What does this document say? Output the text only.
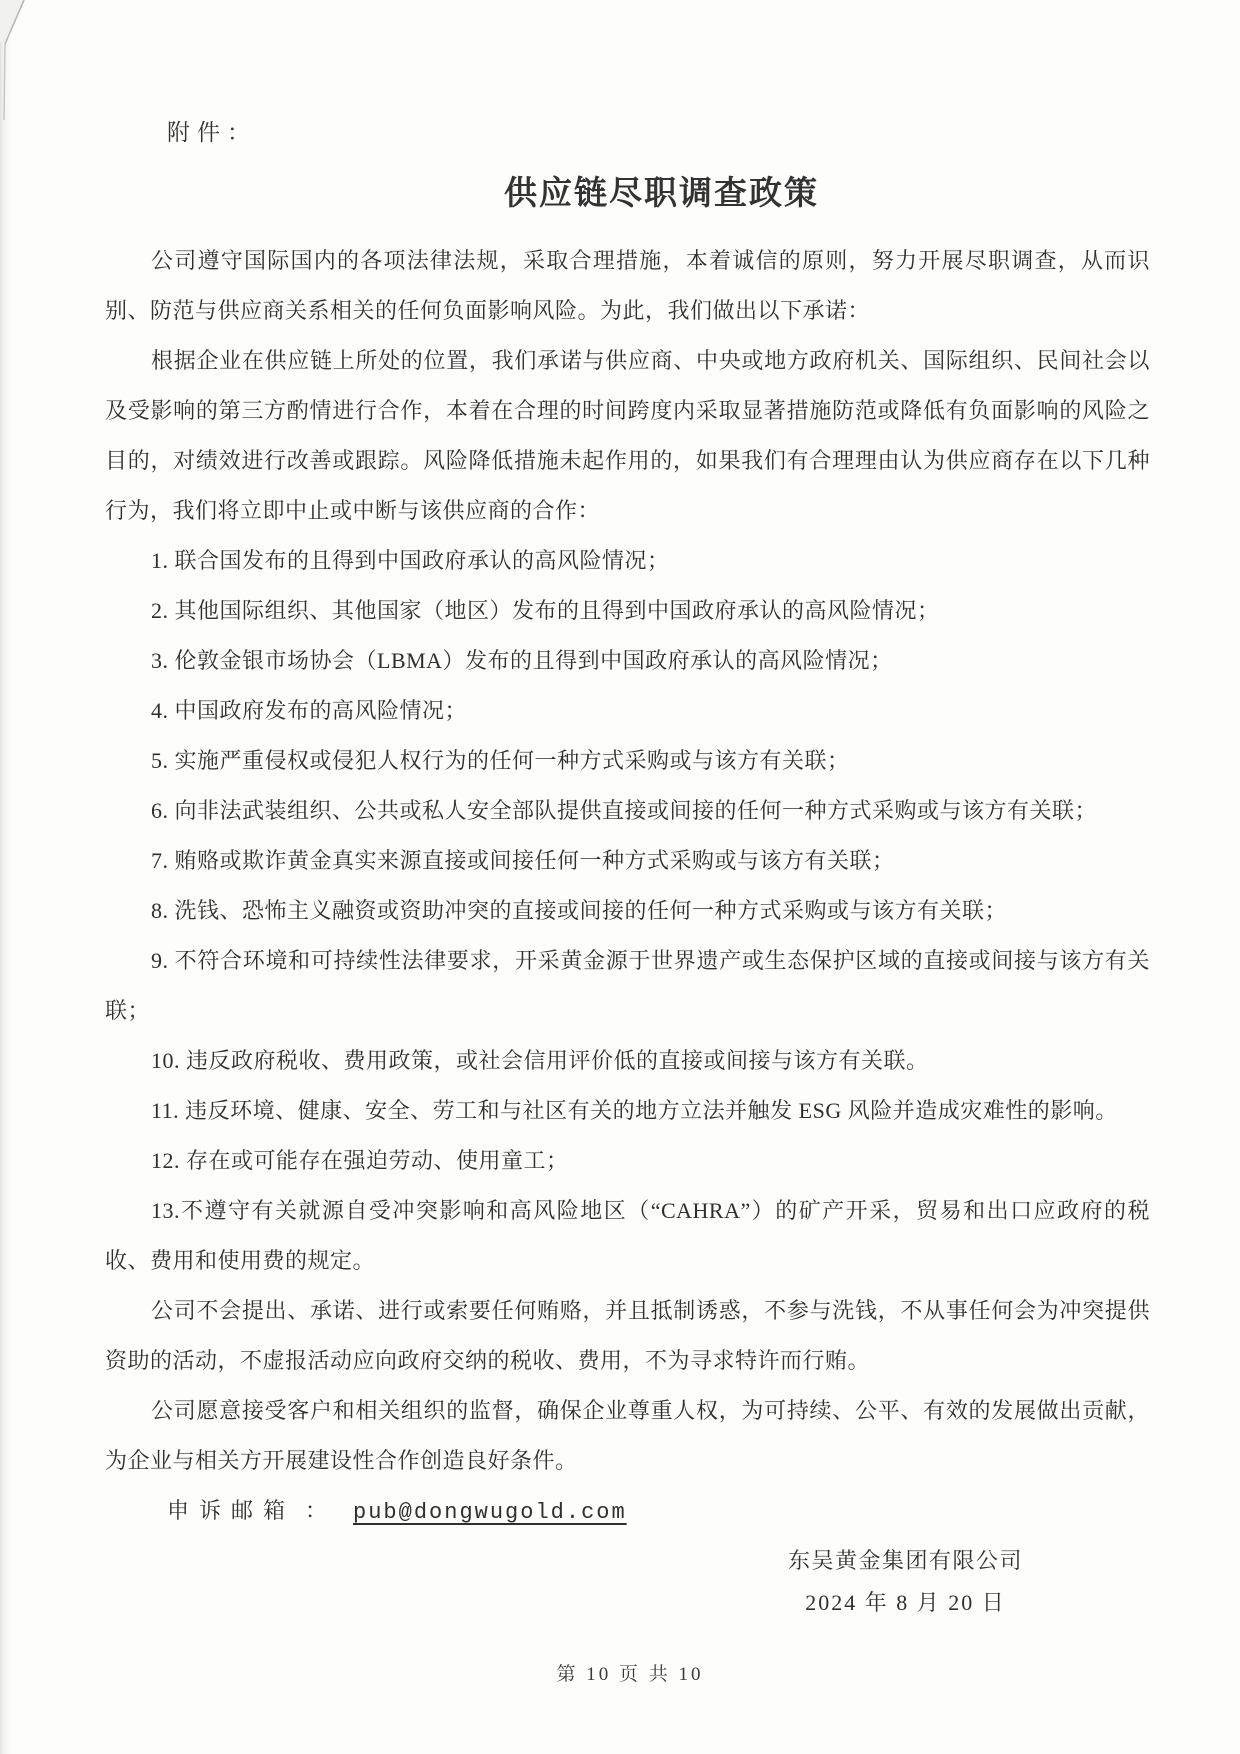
附件：

供应链尽职调查政策

公司遵守国际国内的各项法律法规，采取合理措施，本着诚信的原则，努力开展尽职调查，从而识别、防范与供应商关系相关的任何负面影响风险。为此，我们做出以下承诺：

根据企业在供应链上所处的位置，我们承诺与供应商、中央或地方政府机关、国际组织、民间社会以及受影响的第三方酌情进行合作，本着在合理的时间跨度内采取显著措施防范或降低有负面影响的风险之目的，对绩效进行改善或跟踪。风险降低措施未起作用的，如果我们有合理理由认为供应商存在以下几种行为，我们将立即中止或中断与该供应商的合作：

1. 联合国发布的且得到中国政府承认的高风险情况；

2. 其他国际组织、其他国家（地区）发布的且得到中国政府承认的高风险情况；

3. 伦敦金银市场协会（LBMA）发布的且得到中国政府承认的高风险情况；

4. 中国政府发布的高风险情况；

5. 实施严重侵权或侵犯人权行为的任何一种方式采购或与该方有关联；

6. 向非法武装组织、公共或私人安全部队提供直接或间接的任何一种方式采购或与该方有关联；

7. 贿赂或欺诈黄金真实来源直接或间接任何一种方式采购或与该方有关联；

8. 洗钱、恐怖主义融资或资助冲突的直接或间接的任何一种方式采购或与该方有关联；

9. 不符合环境和可持续性法律要求，开采黄金源于世界遗产或生态保护区域的直接或间接与该方有关联；

10. 违反政府税收、费用政策，或社会信用评价低的直接或间接与该方有关联。

11. 违反环境、健康、安全、劳工和与社区有关的地方立法并触发 ESG 风险并造成灾难性的影响。

12. 存在或可能存在强迫劳动、使用童工；

13.不遵守有关就源自受冲突影响和高风险地区（“CAHRA”）的矿产开采，贸易和出口应政府的税收、费用和使用费的规定。

公司不会提出、承诺、进行或索要任何贿赂，并且抵制诱惑，不参与洗钱，不从事任何会为冲突提供资助的活动，不虚报活动应向政府交纳的税收、费用，不为寻求特许而行贿。

公司愿意接受客户和相关组织的监督，确保企业尊重人权，为可持续、公平、有效的发展做出贡献，为企业与相关方开展建设性合作创造良好条件。

申诉邮箱 ： pub@dongwugold.com

东吴黄金集团有限公司

2024 年 8 月 20 日

第 10 页 共 10
